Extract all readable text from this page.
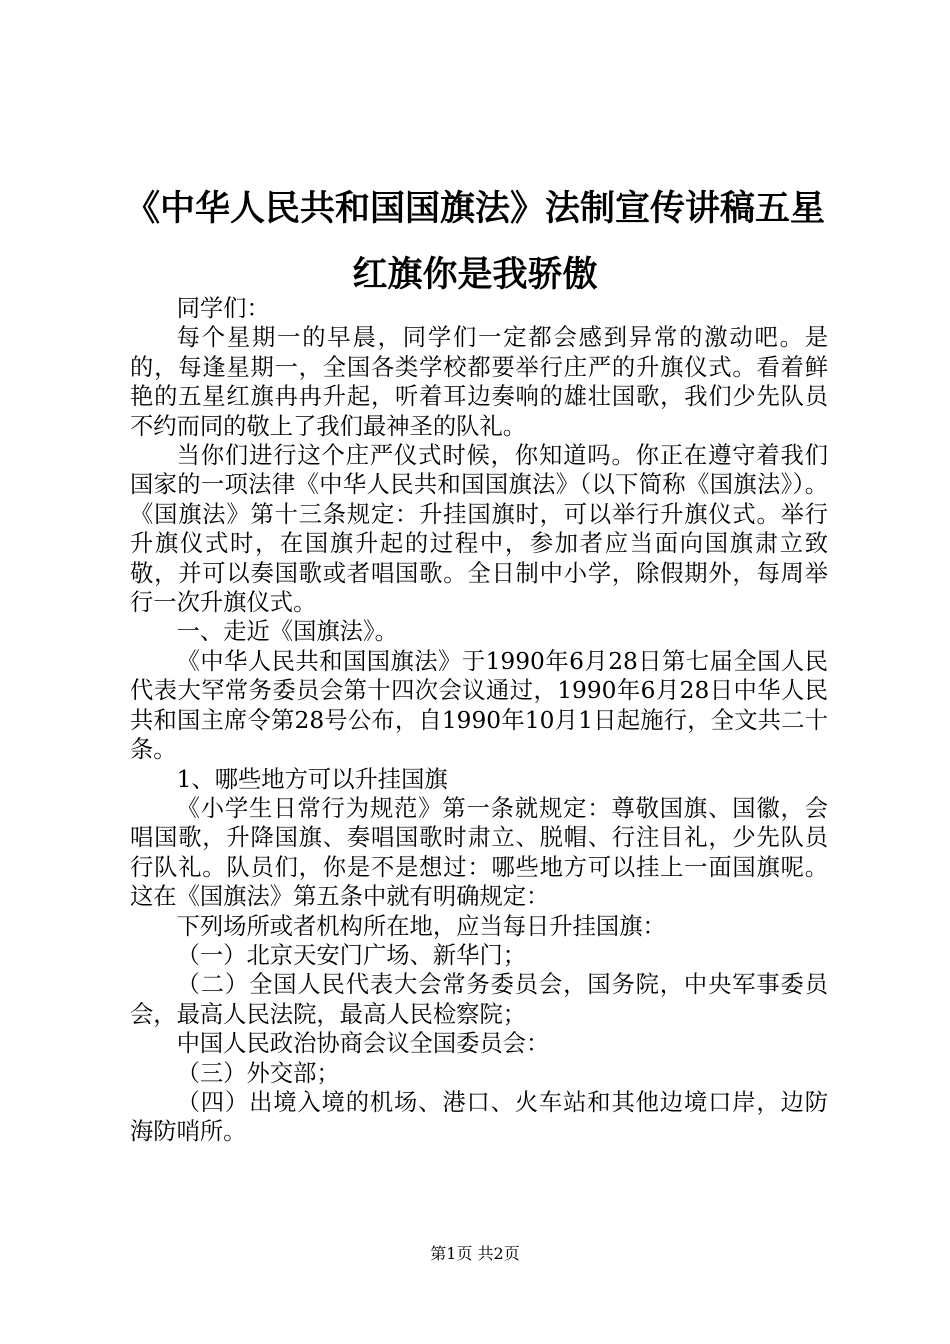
《中华人民共和国国旗法》法制宣传讲稿五星
红旗你是我骄傲

同学们：

每个星期一的早晨，同学们一定都会感到异常的激动吧。是的，每逢星期一，全国各类学校都要举行庄严的升旗仪式。看着鲜艳的五星红旗冉冉升起，听着耳边奏响的雄壮国歌，我们少先队员不约而同的敬上了我们最神圣的队礼。

当你们进行这个庄严仪式时候，你知道吗。你正在遵守着我们国家的一项法律《中华人民共和国国旗法》（以下简称《国旗法》）。《国旗法》第十三条规定：升挂国旗时，可以举行升旗仪式。举行升旗仪式时，在国旗升起的过程中，参加者应当面向国旗肃立致敬，并可以奏国歌或者唱国歌。全日制中小学，除假期外，每周举行一次升旗仪式。

一、走近《国旗法》。

《中华人民共和国国旗法》于1990年6月28日第七届全国人民代表大罕常务委员会第十四次会议通过，1990年6月28日中华人民共和国主席令第28号公布，自1990年10月1日起施行，全文共二十条。

1、哪些地方可以升挂国旗

《小学生日常行为规范》第一条就规定：尊敬国旗、国徽，会唱国歌，升降国旗、奏唱国歌时肃立、脱帽、行注目礼，少先队员行队礼。队员们，你是不是想过：哪些地方可以挂上一面国旗呢。这在《国旗法》第五条中就有明确规定：

下列场所或者机构所在地，应当每日升挂国旗：

（一）北京天安门广场、新华门；

（二）全国人民代表大会常务委员会，国务院，中央军事委员会，最高人民法院，最高人民检察院；

中国人民政治协商会议全国委员会：

（三）外交部；

（四）出境入境的机场、港口、火车站和其他边境口岸，边防海防哨所。

第1页 共2页
